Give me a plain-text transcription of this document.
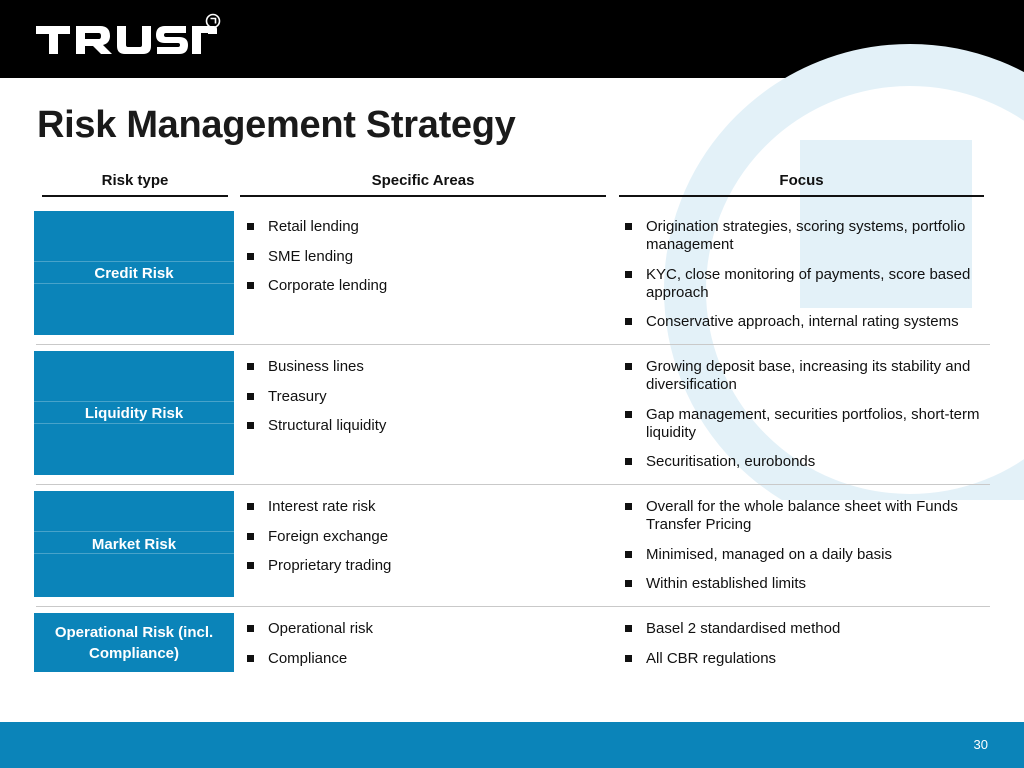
Risk Management Strategy
Risk type	Specific Areas	Focus
Credit Risk
Retail lending
SME lending
Corporate lending
Origination strategies, scoring systems, portfolio management
KYC, close monitoring of payments, score based approach
Conservative approach, internal rating systems
Liquidity Risk
Business lines
Treasury
Structural liquidity
Growing deposit base, increasing its stability and diversification
Gap management, securities portfolios, short-term liquidity
Securitisation, eurobonds
Market Risk
Interest rate risk
Foreign exchange
Proprietary trading
Overall for the whole balance sheet with Funds Transfer Pricing
Minimised, managed on a daily basis
Within established limits
Operational Risk (incl. Compliance)
Operational risk
Compliance
Basel 2 standardised method
All CBR regulations
30
